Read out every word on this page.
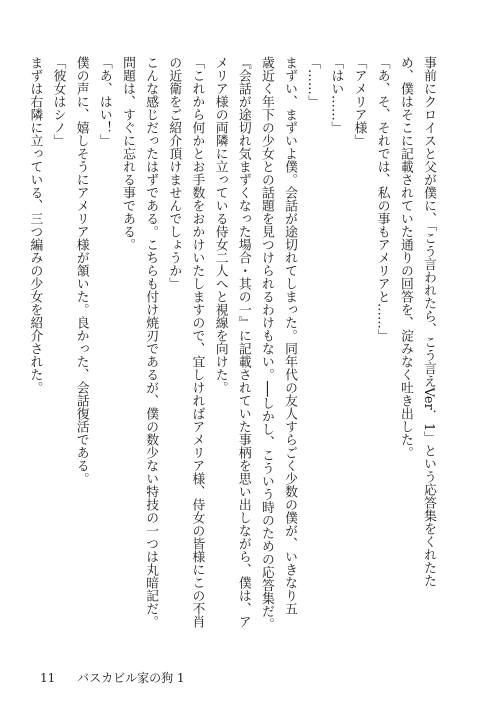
事前にクロイスと父が僕に、「こう言われたら、こう言えVer．1」という応答集をくれたた
め、僕はそこに記載されていた通りの回答を、淀みなく吐き出した。
「あ、そ、それでは、私の事もアメリアと……」
「アメリア様」
「はい……」
「……」
まずい、まずいよ僕。会話が途切れてしまった。同年代の友人すらごく少数の僕が、いきなり五
歳近く年下の少女との話題を見つけられるわけもない。──しかし、こういう時のための応答集だ。
『会話が途切れ気まずくなった場合・其の一』に記載されていた事柄を思い出しながら、僕は、ア
メリア様の両隣に立っている侍女二人へと視線を向けた。
「これから何かとお手数をおかけいたしますので、宜しければアメリア様、侍女の皆様にこの不肖
の近衛をご紹介頂けませんでしょうか」
こんな感じだったはずである。こちらも付け焼刃であるが、僕の数少ない特技の一つは丸暗記だ。
問題は、すぐに忘れる事である。
「あ、はい！」
僕の声に、嬉しそうにアメリア様が頷いた。良かった、会話復活である。
「彼女はシノ」
まずは右隣に立っている、三つ編みの少女を紹介された。
11 バスカビル家の狗 1
